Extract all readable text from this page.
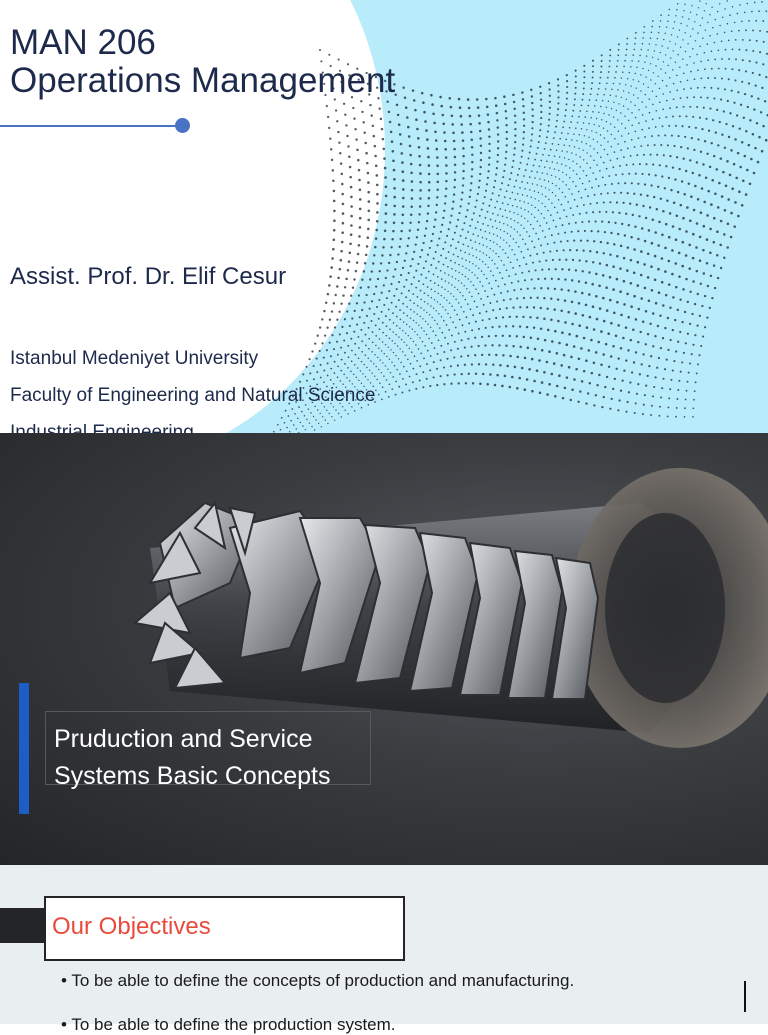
MAN 206
Operations Management
Assist. Prof. Dr. Elif Cesur
Istanbul Medeniyet University
Faculty of Engineering and Natural Science
Pruduction and Service
Systems Basic Concepts
Our Objectives
• To be able to define the concepts of production and manufacturing.
• To be able to define the production system.
